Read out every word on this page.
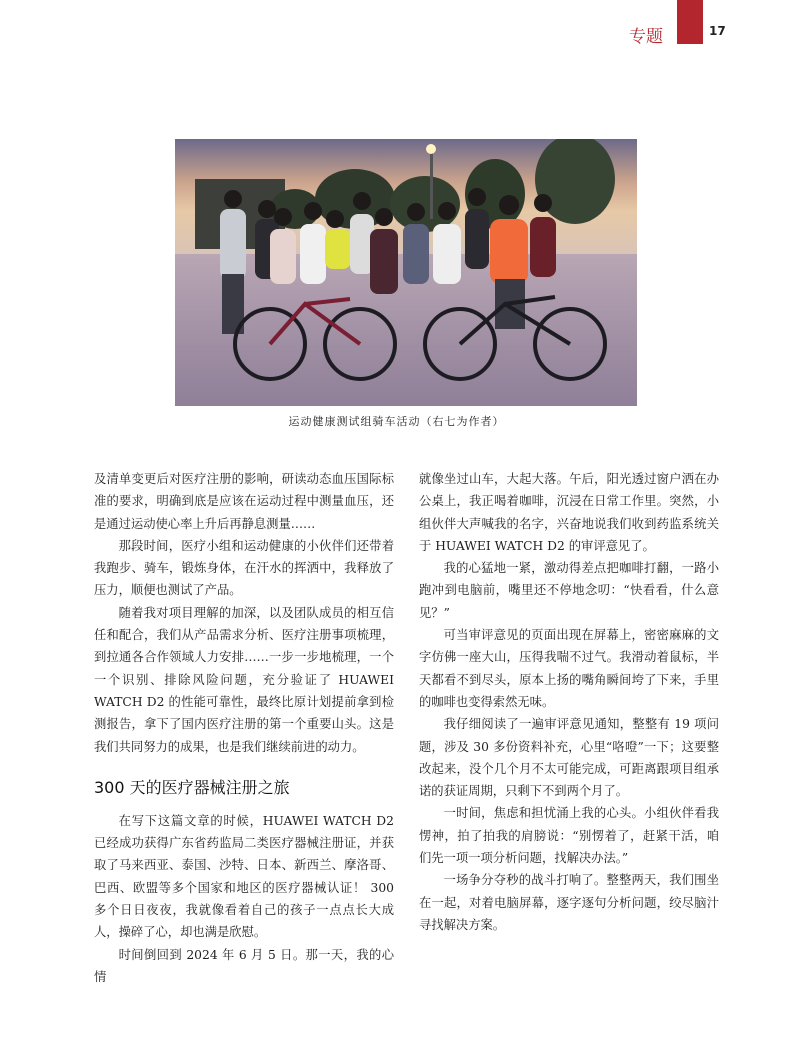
专题	17
运动健康测试组骑车活动（右七为作者）

及清单变更后对医疗注册的影响，研读动态血压国际标准的要求，明确到底是应该在运动过程中测量血压，还是通过运动使心率上升后再静息测量……

那段时间，医疗小组和运动健康的小伙伴们还带着我跑步、骑车，锻炼身体，在汗水的挥洒中，我释放了压力，顺便也测试了产品。

随着我对项目理解的加深，以及团队成员的相互信任和配合，我们从产品需求分析、医疗注册事项梳理，到拉通各合作领域人力安排……一步一步地梳理，一个一个识别、排除风险问题，充分验证了 HUAWEI WATCH D2 的性能可靠性，最终比原计划提前拿到检测报告，拿下了国内医疗注册的第一个重要山头。这是我们共同努力的成果，也是我们继续前进的动力。

300 天的医疗器械注册之旅

在写下这篇文章的时候，HUAWEI WATCH D2 已经成功获得广东省药监局二类医疗器械注册证，并获取了马来西亚、泰国、沙特、日本、新西兰、摩洛哥、巴西、欧盟等多个国家和地区的医疗器械认证！ 300 多个日日夜夜，我就像看着自己的孩子一点点长大成人，操碎了心，却也满是欣慰。

时间倒回到 2024 年 6 月 5 日。那一天，我的心情

就像坐过山车，大起大落。午后，阳光透过窗户洒在办公桌上，我正喝着咖啡，沉浸在日常工作里。突然，小组伙伴大声喊我的名字，兴奋地说我们收到药监系统关于 HUAWEI WATCH D2 的审评意见了。

我的心猛地一紧，激动得差点把咖啡打翻，一路小跑冲到电脑前，嘴里还不停地念叨：“快看看，什么意见？”

可当审评意见的页面出现在屏幕上，密密麻麻的文字仿佛一座大山，压得我喘不过气。我滑动着鼠标，半天都看不到尽头，原本上扬的嘴角瞬间垮了下来，手里的咖啡也变得索然无味。

我仔细阅读了一遍审评意见通知，整整有 19 项问题，涉及 30 多份资料补充，心里“咯噔”一下；这要整改起来，没个几个月不太可能完成，可距离跟项目组承诺的获证周期，只剩下不到两个月了。

一时间，焦虑和担忧涌上我的心头。小组伙伴看我愣神，拍了拍我的肩膀说：“别愣着了，赶紧干活，咱们先一项一项分析问题，找解决办法。”

一场争分夺秒的战斗打响了。整整两天，我们围坐在一起，对着电脑屏幕，逐字逐句分析问题，绞尽脑汁寻找解决方案。
